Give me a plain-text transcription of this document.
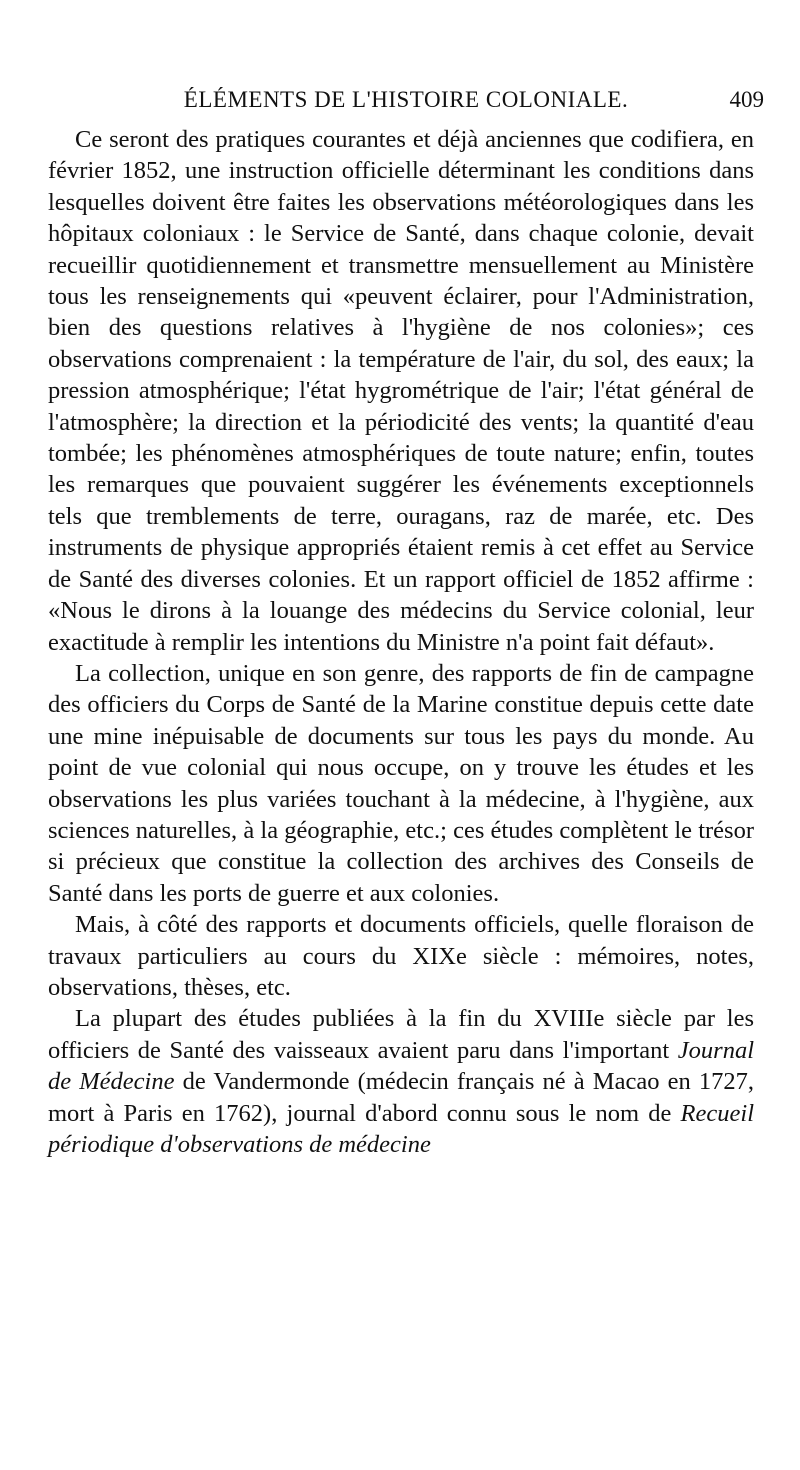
ÉLÉMENTS DE L'HISTOIRE COLONIALE.	409

Ce seront des pratiques courantes et déjà anciennes que codifiera, en février 1852, une instruction officielle déterminant les conditions dans lesquelles doivent être faites les observations météorologiques dans les hôpitaux coloniaux : le Service de Santé, dans chaque colonie, devait recueillir quotidiennement et transmettre mensuellement au Ministère tous les renseignements qui «peuvent éclairer, pour l'Administration, bien des questions relatives à l'hygiène de nos colonies»; ces observations comprenaient : la température de l'air, du sol, des eaux; la pression atmosphérique; l'état hygrométrique de l'air; l'état général de l'atmosphère; la direction et la périodicité des vents; la quantité d'eau tombée; les phénomènes atmosphériques de toute nature; enfin, toutes les remarques que pouvaient suggérer les événements exceptionnels tels que tremblements de terre, ouragans, raz de marée, etc. Des instruments de physique appropriés étaient remis à cet effet au Service de Santé des diverses colonies. Et un rapport officiel de 1852 affirme : «Nous le dirons à la louange des médecins du Service colonial, leur exactitude à remplir les intentions du Ministre n'a point fait défaut».

La collection, unique en son genre, des rapports de fin de campagne des officiers du Corps de Santé de la Marine constitue depuis cette date une mine inépuisable de documents sur tous les pays du monde. Au point de vue colonial qui nous occupe, on y trouve les études et les observations les plus variées touchant à la médecine, à l'hygiène, aux sciences naturelles, à la géographie, etc.; ces études complètent le trésor si précieux que constitue la collection des archives des Conseils de Santé dans les ports de guerre et aux colonies.

Mais, à côté des rapports et documents officiels, quelle floraison de travaux particuliers au cours du XIXe siècle : mémoires, notes, observations, thèses, etc.

La plupart des études publiées à la fin du XVIIIe siècle par les officiers de Santé des vaisseaux avaient paru dans l'important Journal de Médecine de Vandermonde (médecin français né à Macao en 1727, mort à Paris en 1762), journal d'abord connu sous le nom de Recueil périodique d'observations de médecine
